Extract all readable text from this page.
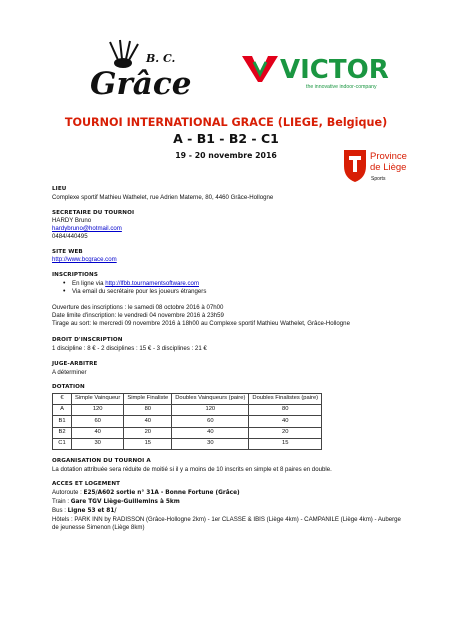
B. C.
Grâce	VICTOR
the innovative indoor-company
TOURNOI INTERNATIONAL GRACE (LIEGE, Belgique)
A - B1 - B2 - C1
19 - 20 novembre 2016	Province
de Liège
Sports
LIEU
Complexe sportif Mathieu Wathelet, rue Adrien Materne, 80, 4460 Grâce-Hollogne
SECRETAIRE DU TOURNOI
HARDY Bruno
hardybruno@hotmail.com
0484/440495
SITE WEB
http://www.bcgrace.com
INSCRIPTIONS
• En ligne via http://lfbb.tournamentsoftware.com
• Via email du secrétaire pour les joueurs étrangers
Ouverture des inscriptions : le samedi 08 octobre 2016 à 07h00
Date limite d'inscription: le vendredi 04 novembre 2016 à 23h59
Tirage au sort: le mercredi 09 novembre 2016 à 18h00 au Complexe sportif Mathieu Wathelet, Grâce-Hollogne
DROIT D'INSCRIPTION
1 discipline : 8 € - 2 disciplines : 15 € - 3 disciplines : 21 €
JUGE-ARBITRE
A déterminer
DOTATION
€	Simple Vainqueur	Simple Finaliste	Doubles Vainqueurs (paire)	Doubles Finalistes (paire)
A	120	80	120	80
B1	60	40	60	40
B2	40	20	40	20
C1	30	15	30	15
ORGANISATION DU TOURNOI A
La dotation attribuée sera réduite de moitié si il y a moins de 10 inscrits en simple et 8 paires en double.
ACCES ET LOGEMENT
Autoroute : E25/A602 sortie n° 31A - Bonne Fortune (Grâce)
Train : Gare TGV Liège-Guillemins à 5km
Bus : Ligne 53 et 81/
Hôtels : PARK INN by RADISSON (Grâce-Hollogne 2km) - 1er CLASSE & IBIS (Liège 4km) - CAMPANILE (Liège 4km) - Auberge de jeunesse Simenon (Liège 8km)
